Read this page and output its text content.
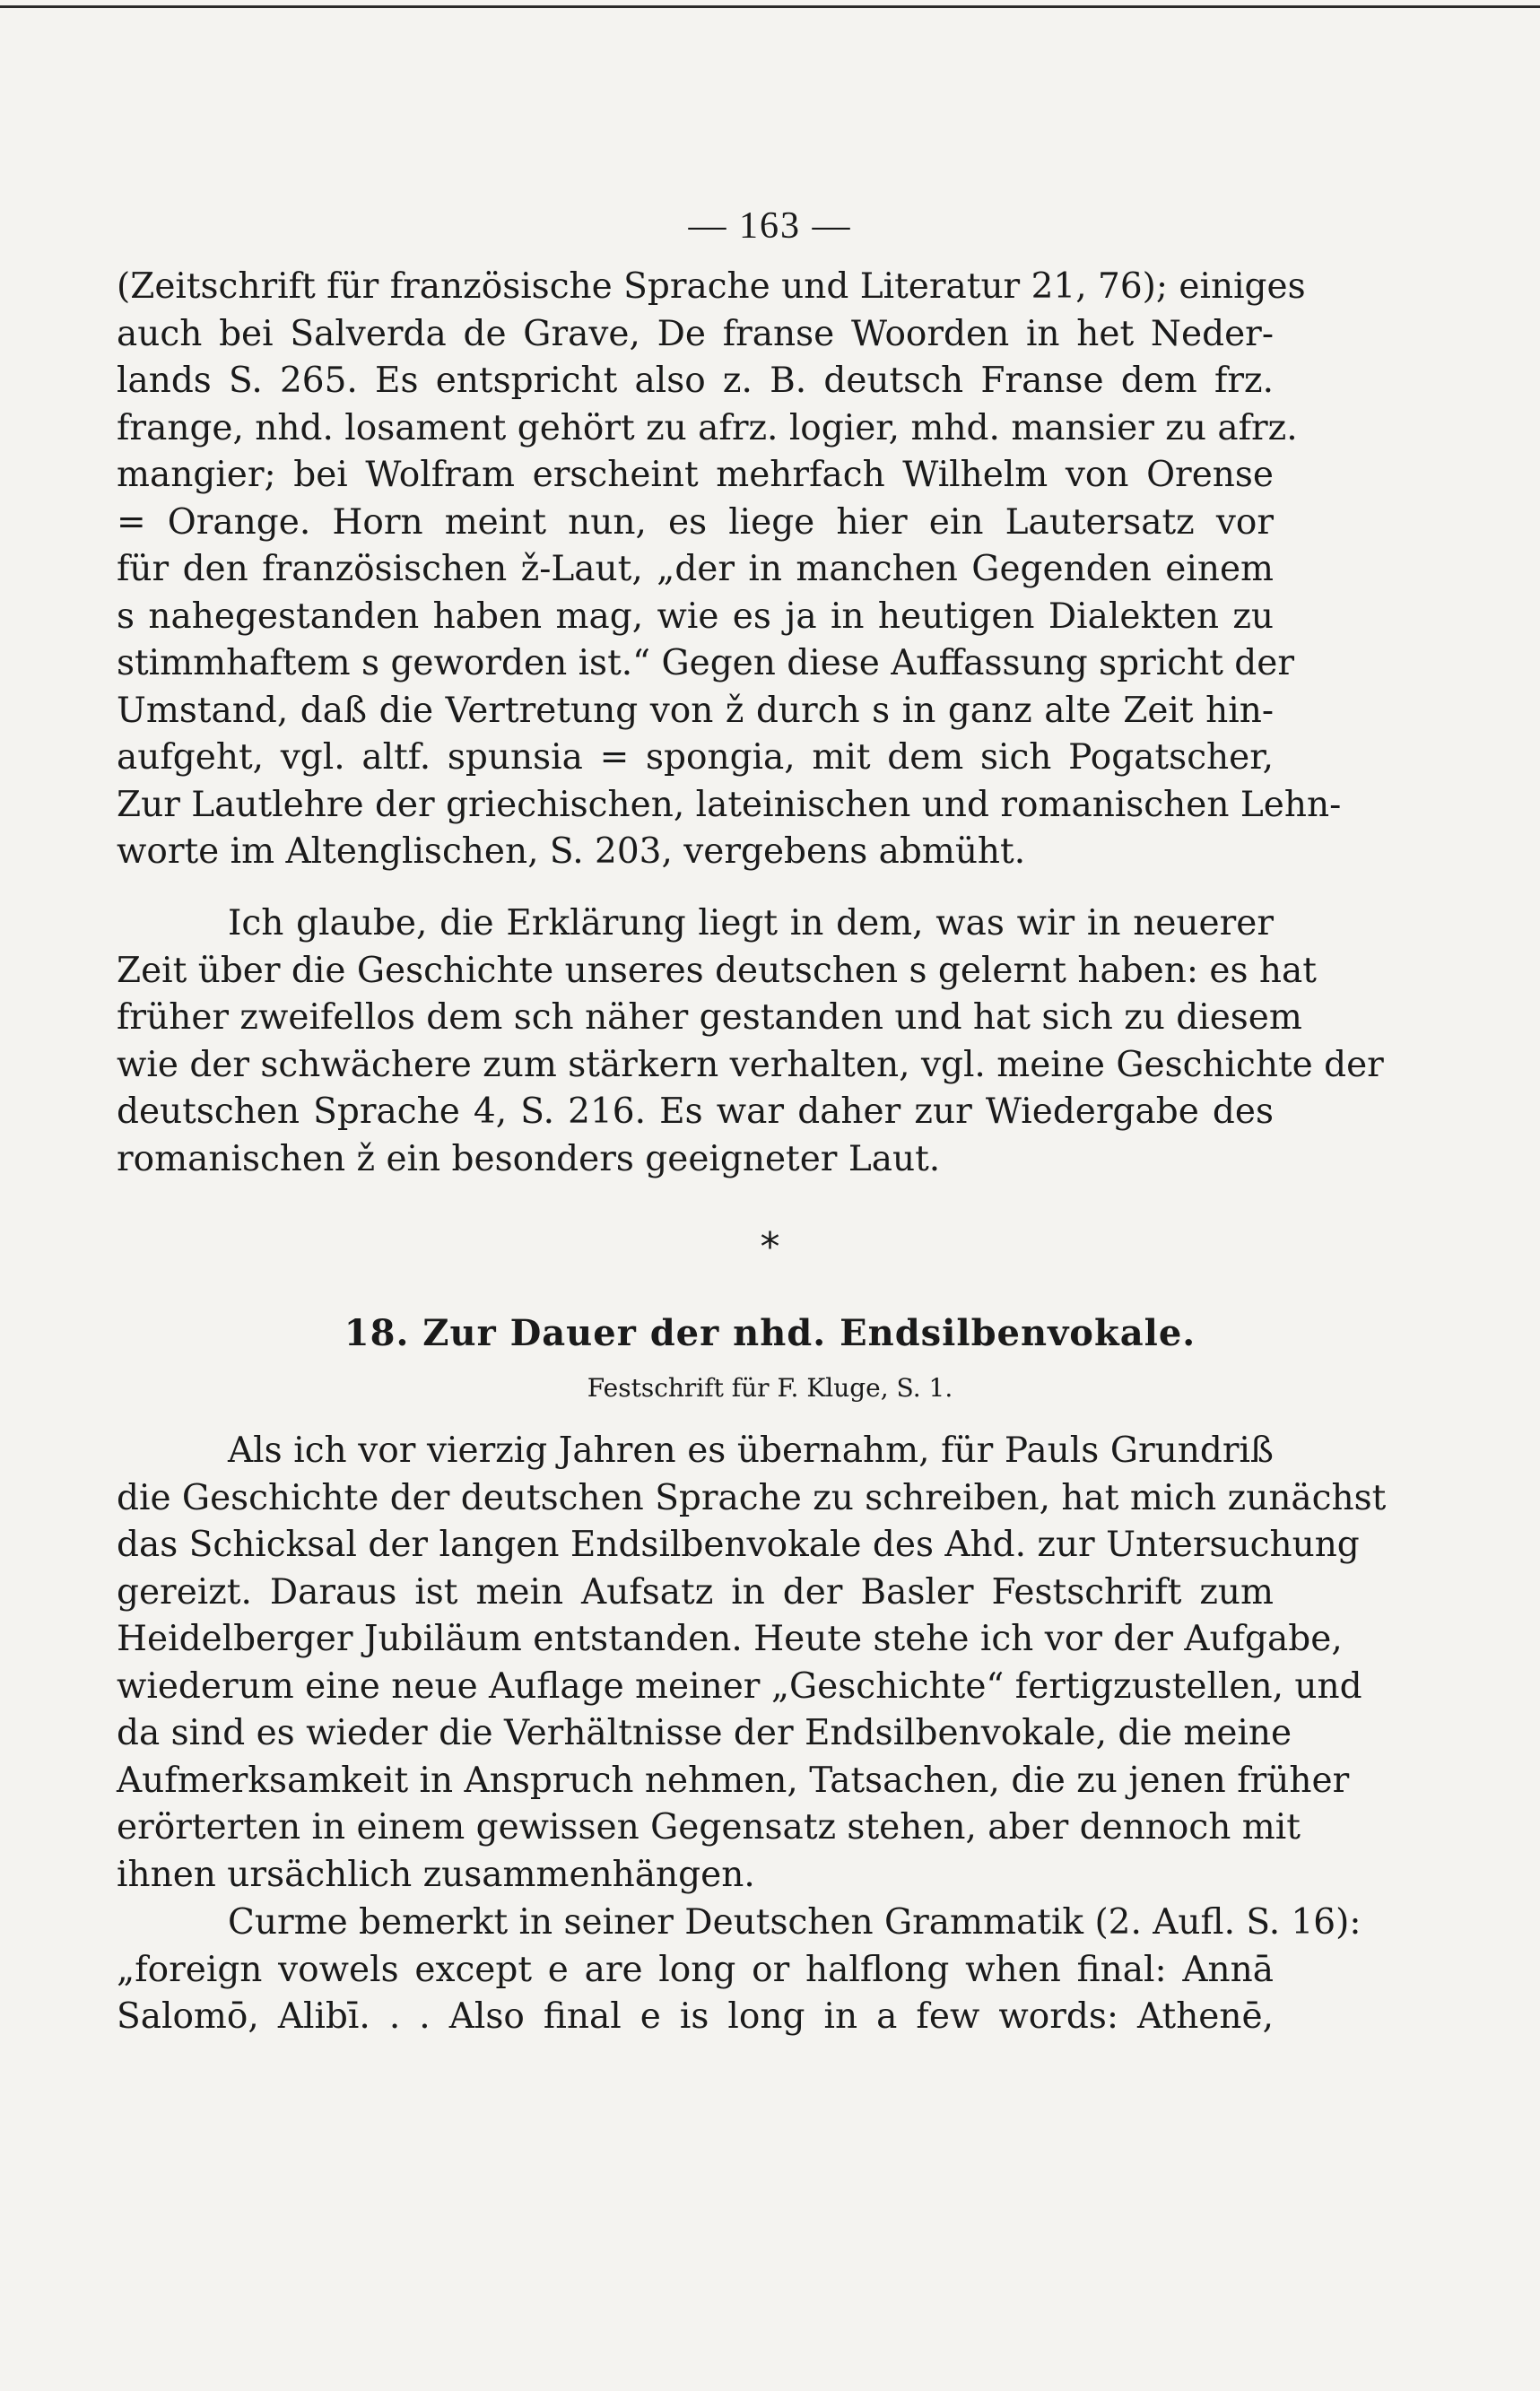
— 163 —
(Zeitschrift für französische Sprache und Literatur 21, 76); einiges
auch bei Salverda de Grave, De franse Woorden in het Neder-
lands S. 265. Es entspricht also z. B. deutsch Franse dem frz.
frange, nhd. losament gehört zu afrz. logier, mhd. mansier zu afrz.
mangier; bei Wolfram erscheint mehrfach Wilhelm von Orense
= Orange. Horn meint nun, es liege hier ein Lautersatz vor
für den französischen ž-Laut, „der in manchen Gegenden einem
s nahegestanden haben mag, wie es ja in heutigen Dialekten zu
stimmhaftem s geworden ist.“ Gegen diese Auffassung spricht der
Umstand, daß die Vertretung von ž durch s in ganz alte Zeit hin-
aufgeht, vgl. altf. spunsia = spongia, mit dem sich Pogatscher,
Zur Lautlehre der griechischen, lateinischen und romanischen Lehn-
worte im Altenglischen, S. 203, vergebens abmüht.
Ich glaube, die Erklärung liegt in dem, was wir in neuerer
Zeit über die Geschichte unseres deutschen s gelernt haben: es hat
früher zweifellos dem sch näher gestanden und hat sich zu diesem
wie der schwächere zum stärkern verhalten, vgl. meine Geschichte der
deutschen Sprache 4, S. 216. Es war daher zur Wiedergabe des
romanischen ž ein besonders geeigneter Laut.
*
18. Zur Dauer der nhd. Endsilbenvokale.
Festschrift für F. Kluge, S. 1.
Als ich vor vierzig Jahren es übernahm, für Pauls Grundriß
die Geschichte der deutschen Sprache zu schreiben, hat mich zunächst
das Schicksal der langen Endsilbenvokale des Ahd. zur Untersuchung
gereizt. Daraus ist mein Aufsatz in der Basler Festschrift zum
Heidelberger Jubiläum entstanden. Heute stehe ich vor der Aufgabe,
wiederum eine neue Auflage meiner „Geschichte“ fertigzustellen, und
da sind es wieder die Verhältnisse der Endsilbenvokale, die meine
Aufmerksamkeit in Anspruch nehmen, Tatsachen, die zu jenen früher
erörterten in einem gewissen Gegensatz stehen, aber dennoch mit
ihnen ursächlich zusammenhängen.
Curme bemerkt in seiner Deutschen Grammatik (2. Aufl. S. 16):
„foreign vowels except e are long or halflong when final: Annā
Salomō, Alibī. . . Also final e is long in a few words: Athenē,
